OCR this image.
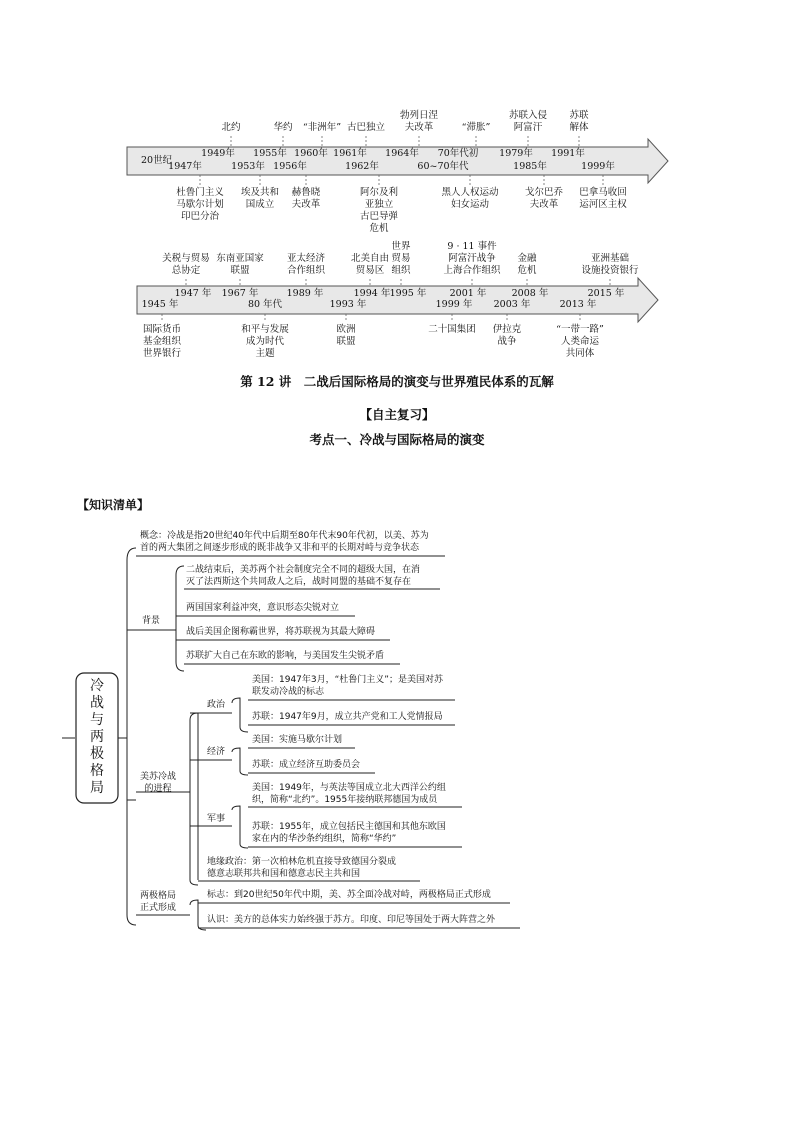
20世纪
1949年	1955年 1960年 1961年	1964年	70年代初	1979年	1991年
1947年	1953年 1956年	1962年	60~70年代	1985年	1999年
北约	华约	“非洲年” 古巴独立
勃列日涅
夫改革	“滞胀”
苏联入侵
阿富汗
苏联
解体
杜鲁门主义
马歇尔计划
印巴分治
埃及共和
国成立
赫鲁晓
夫改革
阿尔及利
亚独立
古巴导弹
危机
黑人人权运动
妇女运动
戈尔巴乔
夫改革
巴拿马收回
运河区主权
1947 年	1967 年	1989 年	1994 年 1995 年	2001 年	2008 年	2015 年
1945 年	80 年代	1993 年	1999 年	2003 年	2013 年
关税与贸易
总协定
东南亚国家
联盟
亚太经济
合作组织
北美自由
贸易区
世界
贸易
组织
9 · 11 事件
阿富汗战争
上海合作组织
金融
危机
亚洲基础
设施投资银行
国际货币
基金组织
世界银行
和平与发展
成为时代
主题
欧洲
联盟
二十国集团	伊拉克
战争
“一带一路”
人类命运
共同体
第 12 讲　二战后国际格局的演变与世界殖民体系的瓦解
【自主复习】
考点一、冷战与国际格局的演变
【知识清单】
冷
战
与
两
极
格
局
概念：冷战是指20世纪40年代中后期至80年代末90年代初，以美、苏为
首的两大集团之间逐步形成的既非战争又非和平的长期对峙与竞争状态
背景
二战结束后，美苏两个社会制度完全不同的超级大国，在消
灭了法西斯这个共同敌人之后，战时同盟的基础不复存在
两国国家利益冲突，意识形态尖锐对立
战后美国企图称霸世界，将苏联视为其最大障碍
苏联扩大自己在东欧的影响，与美国发生尖锐矛盾
美苏冷战
的进程
政治
美国：1947年3月，“杜鲁门主义”；是美国对苏
联发动冷战的标志
苏联：1947年9月，成立共产党和工人党情报局
经济
美国：实施马歇尔计划
苏联：成立经济互助委员会
军事
美国：1949年，与英法等国成立北大西洋公约组
织，简称“北约”。1955年接纳联邦德国为成员
苏联：1955年，成立包括民主德国和其他东欧国
家在内的华沙条约组织，简称“华约”
地缘政治：第一次柏林危机直接导致德国分裂成
德意志联邦共和国和德意志民主共和国
两极格局
正式形成
标志：到20世纪50年代中期，美、苏全面冷战对峙，两极格局正式形成
认识：美方的总体实力始终强于苏方。印度、印尼等国处于两大阵营之外
